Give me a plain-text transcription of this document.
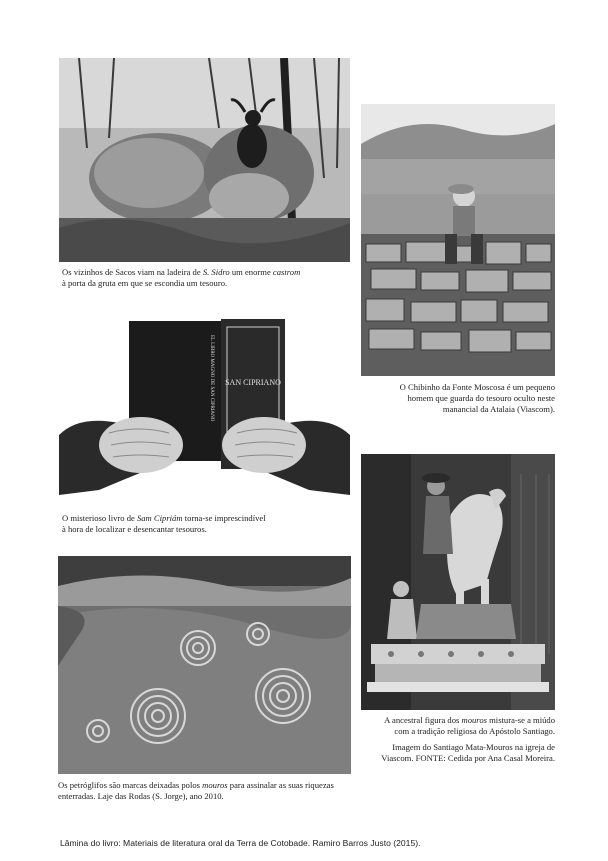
Os vizinhos de Sacos viam na ladeira de S. Sidro um enorme castrom
à porta da gruta em que se escondia um tesouro.
O Chibinho da Fonte Moscosa é um pequeno
homem que guarda do tesouro oculto neste
manancial da Atalaia (Viascom).
SAN CIPRIANO
EL LIBRO MAGNO DE SAN CIPRIANO
O misterioso livro de Sam Cipriám torna-se imprescindível
à hora de localizar e desencantar tesouros.
A ancestral figura dos mouros mistura-se a miúdo
com a tradição religiosa do Apóstolo Santiago.
Imagem do Santiago Mata-Mouros na igreja de
Viascom. FONTE: Cedida por Ana Casal Moreira.
Os petróglifos são marcas deixadas polos mouros para assinalar as suas riquezas
enterradas. Laje das Rodas (S. Jorge), ano 2010.
Lâmina do livro: Materiais de literatura oral da Terra de Cotobade. Ramiro Barros Justo (2015).
